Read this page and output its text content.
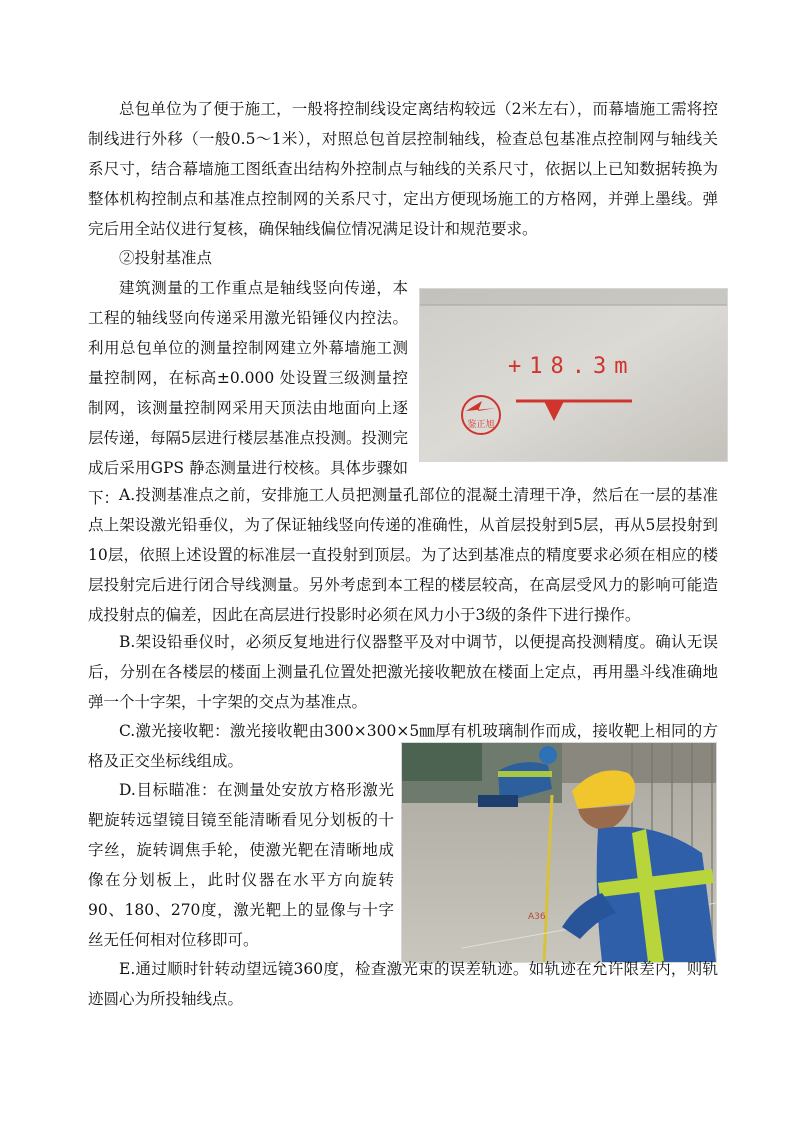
总包单位为了便于施工，一般将控制线设定离结构较远（2米左右），而幕墙施工需将控制线进行外移（一般0.5～1米），对照总包首层控制轴线，检查总包基准点控制网与轴线关系尺寸，结合幕墙施工图纸查出结构外控制点与轴线的关系尺寸，依据以上已知数据转换为整体机构控制点和基准点控制网的关系尺寸，定出方便现场施工的方格网，并弹上墨线。弹完后用全站仪进行复核，确保轴线偏位情况满足设计和规范要求。

②投射基准点

建筑测量的工作重点是轴线竖向传递，本工程的轴线竖向传递采用激光铅锤仪内控法。利用总包单位的测量控制网建立外幕墙施工测量控制网，在标高±0.000 处设置三级测量控制网，该测量控制网采用天顶法由地面向上逐层传递，每隔5层进行楼层基准点投测。投测完成后采用GPS 静态测量进行校核。具体步骤如下：

+18.3m
鉴正旭

A.投测基准点之前，安排施工人员把测量孔部位的混凝土清理干净，然后在一层的基准点上架设激光铅垂仪，为了保证轴线竖向传递的准确性，从首层投射到5层，再从5层投射到10层，依照上述设置的标准层一直投射到顶层。为了达到基准点的精度要求必须在相应的楼层投射完后进行闭合导线测量。另外考虑到本工程的楼层较高，在高层受风力的影响可能造成投射点的偏差，因此在高层进行投影时必须在风力小于3级的条件下进行操作。

B.架设铅垂仪时，必须反复地进行仪器整平及对中调节，以便提高投测精度。确认无误后，分别在各楼层的楼面上测量孔位置处把激光接收靶放在楼面上定点，再用墨斗线准确地弹一个十字架，十字架的交点为基准点。

C.激光接收靶：激光接收靶由300×300×5㎜厚有机玻璃制作而成，接收靶上相同的方格及正交坐标线组成。

D.目标瞄准：在测量处安放方格形激光靶旋转远望镜目镜至能清晰看见分划板的十字丝，旋转调焦手轮，使激光靶在清晰地成像在分划板上，此时仪器在水平方向旋转90、180、270度，激光靶上的显像与十字丝无任何相对位移即可。

A36

E.通过顺时针转动望远镜360度，检查激光束的误差轨迹。如轨迹在允许限差内，则轨迹圆心为所投轴线点。
